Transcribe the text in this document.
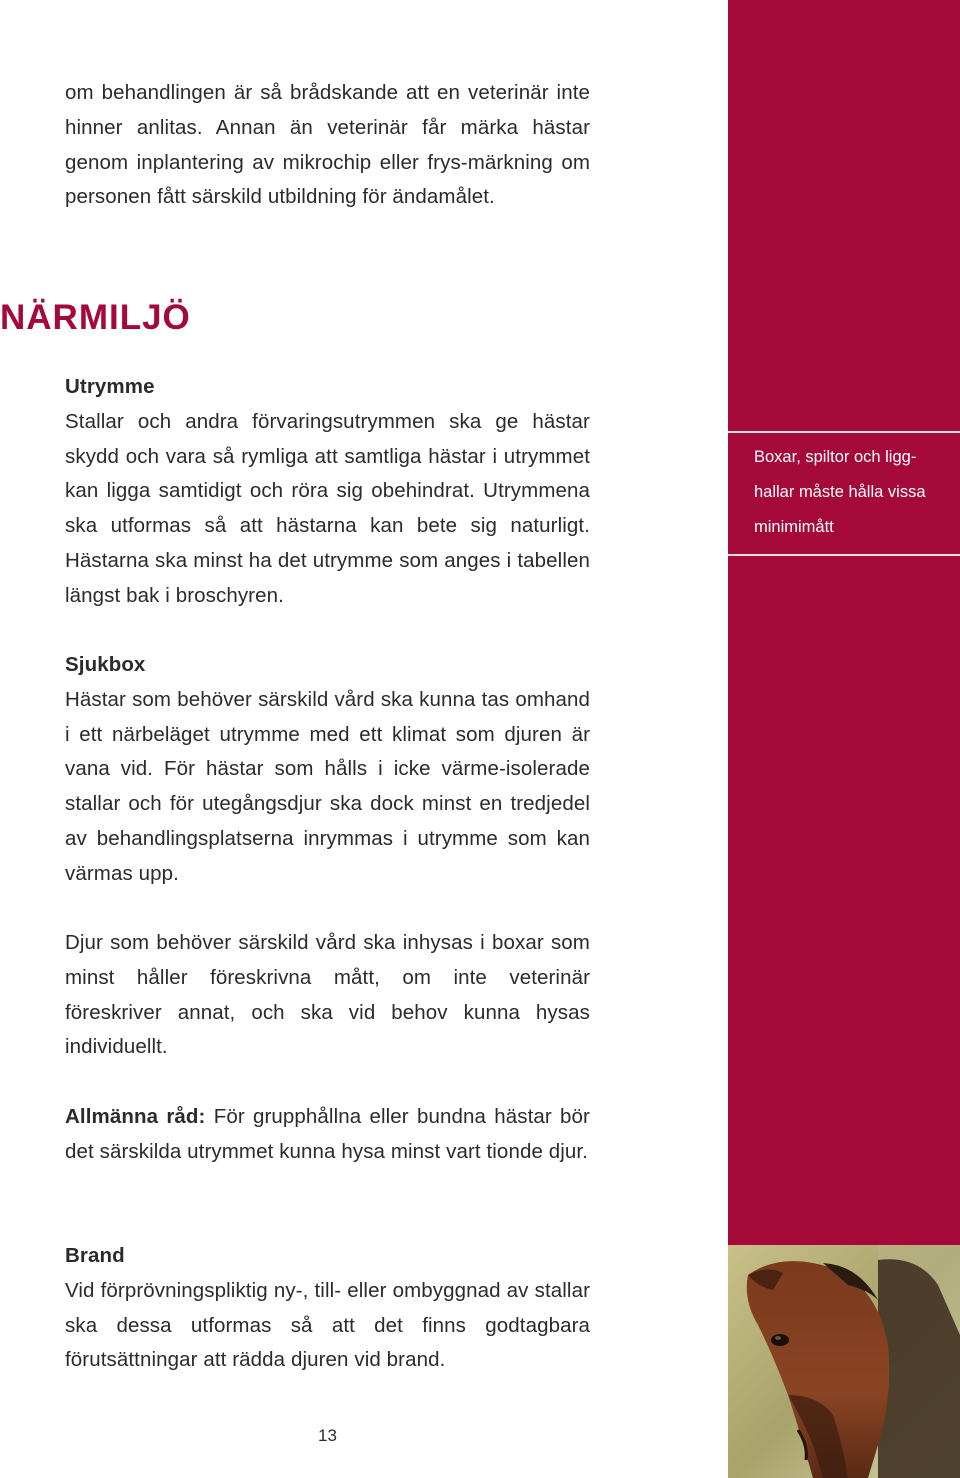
Boxar, spiltor och ligg-
hallar måste hålla vissa
minimimått

om behandlingen är så brådskande att en veterinär inte hinner anlitas. Annan än veterinär får märka hästar genom inplantering av mikrochip eller frys-märkning om personen fått särskild utbildning för ändamålet.

NÄRMILJÖ
Utrymme
Stallar och andra förvaringsutrymmen ska ge hästar skydd och vara så rymliga att samtliga hästar i utrymmet kan ligga samtidigt och röra sig obehindrat. Utrymmena ska utformas så att hästarna kan bete sig naturligt. Hästarna ska minst ha det utrymme som anges i tabellen längst bak i broschyren.
Sjukbox
Hästar som behöver särskild vård ska kunna tas omhand i ett närbeläget utrymme med ett klimat som djuren är vana vid. För hästar som hålls i icke värme-isolerade stallar och för utegångsdjur ska dock minst en tredjedel av behandlingsplatserna inrymmas i utrymme som kan värmas upp.

Djur som behöver särskild vård ska inhysas i boxar som minst håller föreskrivna mått, om inte veterinär föreskriver annat, och ska vid behov kunna hysas individuellt.

Allmänna råd: För grupphållna eller bundna hästar bör det särskilda utrymmet kunna hysa minst vart tionde djur.

Brand
Vid förprövningspliktig ny-, till- eller ombyggnad av stallar ska dessa utformas så att det finns godtagbara förutsättningar att rädda djuren vid brand.
13
